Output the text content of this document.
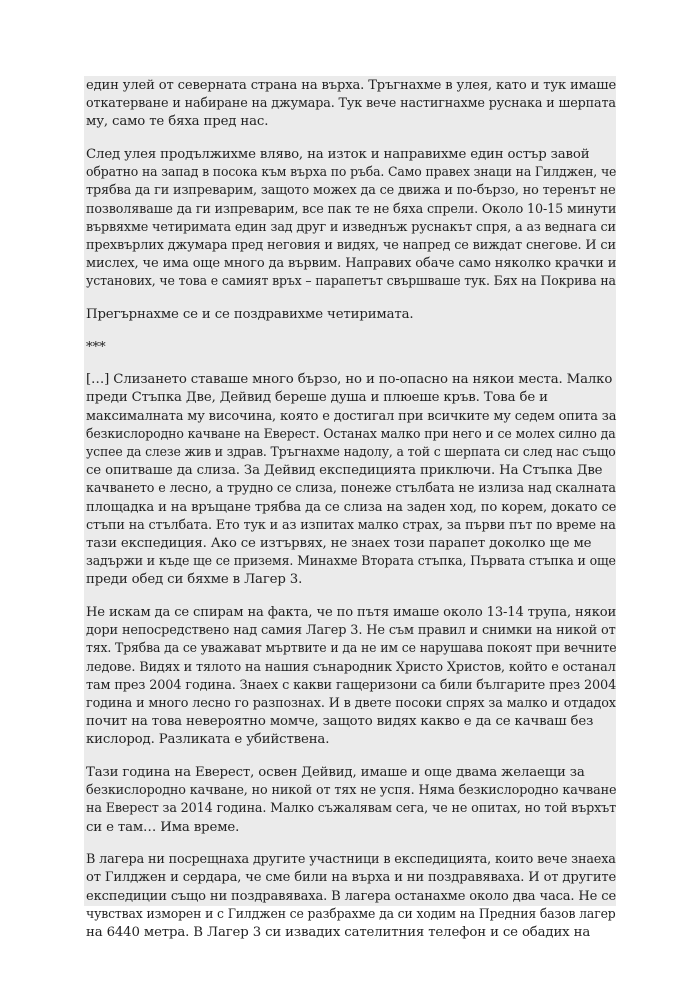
един улей от северната страна на върха. Тръгнахме в улея, като и тук имаше
откатерване и набиране на джумара. Тук вече настигнахме руснака и шерпата
му, само те бяха пред нас.

След улея продължихме вляво, на изток и направихме един остър завой
обратно на запад в посока към върха по ръба. Само правех знаци на Гилджен, че
трябва да ги изпреварим, защото можех да се движа и по-бързо, но теренът не
позволяваше да ги изпреварим, все пак те не бяха спрели. Около 10-15 минути
вървяхме четиримата един зад друг и изведнъж руснакът спря, а аз веднага си
прехвърлих джумара пред неговия и видях, че напред се виждат снегове. И си
мислех, че има още много да вървим. Направих обаче само няколко крачки и
установих, че това е самият връх – парапетът свършваше тук. Бях на Покрива на

Прегърнахме се и се поздравихме четиримата.

***

[…] Слизането ставаше много бързо, но и по-опасно на някои места. Малко
преди Стъпка Две, Дейвид береше душа и плюеше кръв. Това бе и
максималната му височина, която е достигал при всичките му седем опита за
безкислородно качване на Еверест. Останах малко при него и се молех силно да
успее да слезе жив и здрав. Тръгнахме надолу, а той с шерпата си след нас също
се опитваше да слиза. За Дейвид експедицията приключи. На Стъпка Две
качването е лесно, а трудно се слиза, понеже стълбата не излиза над скалната
площадка и на връщане трябва да се слиза на заден ход, по корем, докато се
стъпи на стълбата. Ето тук и аз изпитах малко страх, за първи път по време на
тази експедиция. Ако се изтървях, не знаех този парапет доколко ще ме
задържи и къде ще се приземя. Минахме Втората стъпка, Първата стъпка и още
преди обед си бяхме в Лагер 3.

Не искам да се спирам на факта, че по пътя имаше около 13-14 трупа, някои
дори непосредствено над самия Лагер 3. Не съм правил и снимки на никой от
тях. Трябва да се уважават мъртвите и да не им се нарушава покоят при вечните
ледове. Видях и тялото на нашия сънародник Христо Христов, който е останал
там през 2004 година. Знаех с какви гащеризони са били българите през 2004
година и много лесно го разпознах. И в двете посоки спрях за малко и отдадох
почит на това невероятно момче, защото видях какво е да се качваш без
кислород. Разликата е убийствена.

Тази година на Еверест, освен Дейвид, имаше и още двама желаещи за
безкислородно качване, но никой от тях не успя. Няма безкислородно качване
на Еверест за 2014 година. Малко съжалявам сега, че не опитах, но той върхът
си е там… Има време.

В лагера ни посрещнаха другите участници в експедицията, които вече знаеха
от Гилджен и сердара, че сме били на върха и ни поздравяваха. И от другите
експедиции също ни поздравяваха. В лагера останахме около два часа. Не се
чувствах изморен и с Гилджен се разбрахме да си ходим на Предния базов лагер
на 6440 метра. В Лагер 3 си извадих сателитния телефон и се обадих на
